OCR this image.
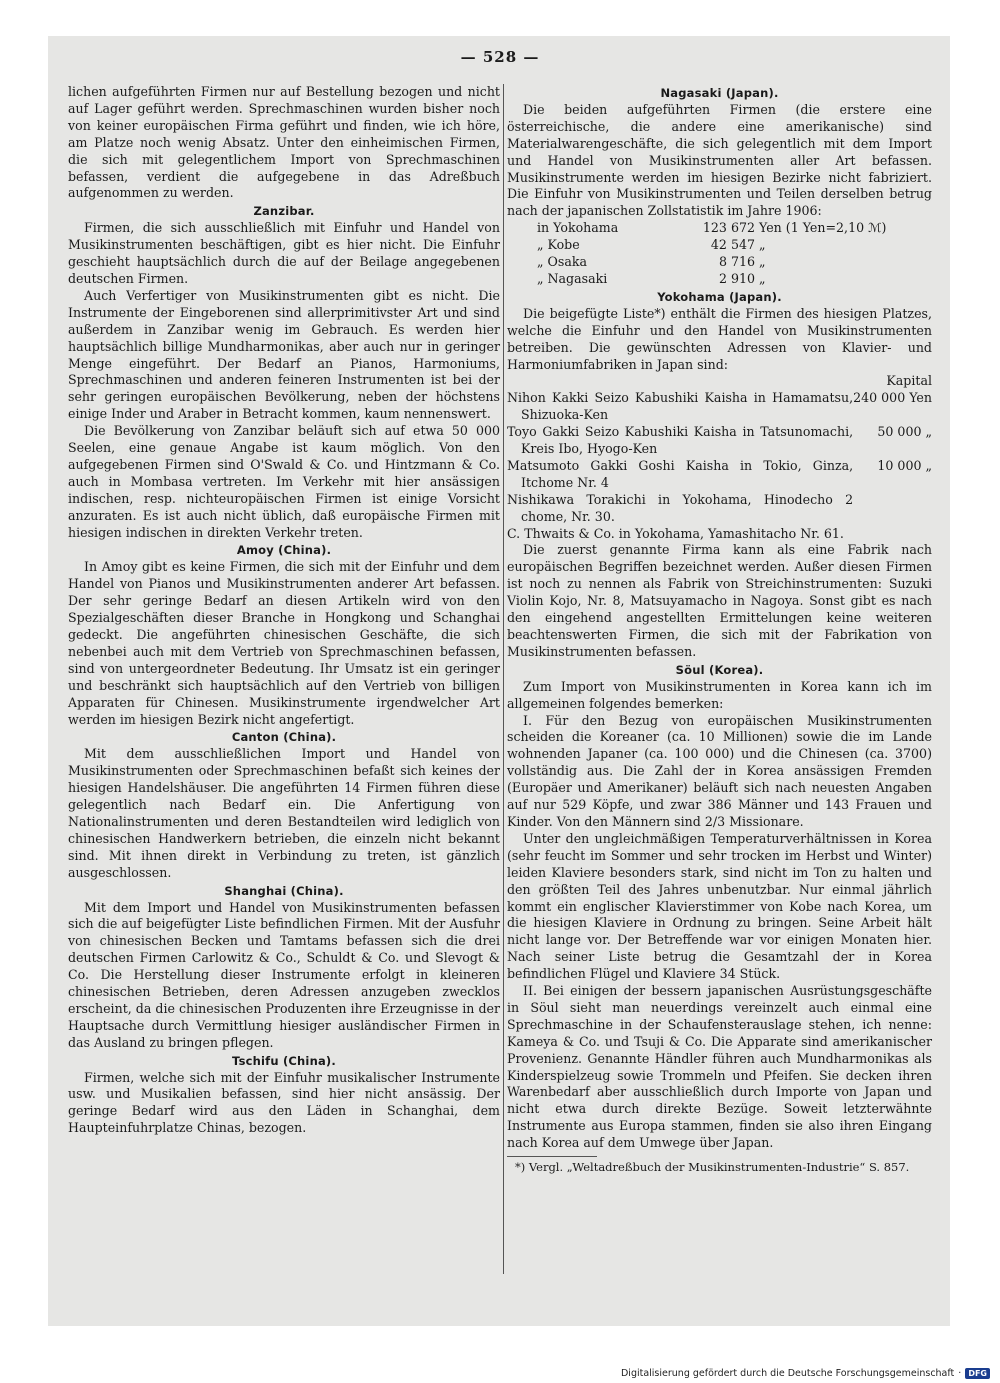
— 528 —

lichen aufgeführten Firmen nur auf Bestellung bezogen und nicht auf Lager geführt werden. Sprechmaschinen wurden bisher noch von keiner europäischen Firma geführt und finden, wie ich höre, am Platze noch wenig Absatz. Unter den einheimischen Firmen, die sich mit gelegentlichem Import von Sprechmaschinen befassen, verdient die aufgegebene in das Adreßbuch aufgenommen zu werden.

Zanzibar.

Firmen, die sich ausschließlich mit Einfuhr und Handel von Musikinstrumenten beschäftigen, gibt es hier nicht. Die Einfuhr geschieht hauptsächlich durch die auf der Beilage angegebenen deutschen Firmen.

Auch Verfertiger von Musikinstrumenten gibt es nicht. Die Instrumente der Eingeborenen sind allerprimitivster Art und sind außerdem in Zanzibar wenig im Gebrauch. Es werden hier hauptsächlich billige Mundharmonikas, aber auch nur in geringer Menge eingeführt. Der Bedarf an Pianos, Harmoniums, Sprechmaschinen und anderen feineren Instrumenten ist bei der sehr geringen europäischen Bevölkerung, neben der höchstens einige Inder und Araber in Betracht kommen, kaum nennenswert.

Die Bevölkerung von Zanzibar beläuft sich auf etwa 50 000 Seelen, eine genaue Angabe ist kaum möglich. Von den aufgegebenen Firmen sind O'Swald & Co. und Hintzmann & Co. auch in Mombasa vertreten. Im Verkehr mit hier ansässigen indischen, resp. nichteuropäischen Firmen ist einige Vorsicht anzuraten. Es ist auch nicht üblich, daß europäische Firmen mit hiesigen indischen in direkten Verkehr treten.

Amoy (China).

In Amoy gibt es keine Firmen, die sich mit der Einfuhr und dem Handel von Pianos und Musikinstrumenten anderer Art befassen. Der sehr geringe Bedarf an diesen Artikeln wird von den Spezialgeschäften dieser Branche in Hongkong und Schanghai gedeckt. Die angeführten chinesischen Geschäfte, die sich nebenbei auch mit dem Vertrieb von Sprechmaschinen befassen, sind von untergeordneter Bedeutung. Ihr Umsatz ist ein geringer und beschränkt sich hauptsächlich auf den Vertrieb von billigen Apparaten für Chinesen. Musikinstrumente irgendwelcher Art werden im hiesigen Bezirk nicht angefertigt.

Canton (China).

Mit dem ausschließlichen Import und Handel von Musikinstrumenten oder Sprechmaschinen befaßt sich keines der hiesigen Handelshäuser. Die angeführten 14 Firmen führen diese gelegentlich nach Bedarf ein. Die Anfertigung von Nationalinstrumenten und deren Bestandteilen wird lediglich von chinesischen Handwerkern betrieben, die einzeln nicht bekannt sind. Mit ihnen direkt in Verbindung zu treten, ist gänzlich ausgeschlossen.

Shanghai (China).

Mit dem Import und Handel von Musikinstrumenten befassen sich die auf beigefügter Liste befindlichen Firmen. Mit der Ausfuhr von chinesischen Becken und Tamtams befassen sich die drei deutschen Firmen Carlowitz & Co., Schuldt & Co. und Slevogt & Co. Die Herstellung dieser Instrumente erfolgt in kleineren chinesischen Betrieben, deren Adressen anzugeben zwecklos erscheint, da die chinesischen Produzenten ihre Erzeugnisse in der Hauptsache durch Vermittlung hiesiger ausländischer Firmen in das Ausland zu bringen pflegen.

Tschifu (China).

Firmen, welche sich mit der Einfuhr musikalischer Instrumente usw. und Musikalien befassen, sind hier nicht ansässig. Der geringe Bedarf wird aus den Läden in Schanghai, dem Haupteinfuhrplatze Chinas, bezogen.

Nagasaki (Japan).

Die beiden aufgeführten Firmen (die erstere eine österreichische, die andere eine amerikanische) sind Materialwarengeschäfte, die sich gelegentlich mit dem Import und Handel von Musikinstrumenten aller Art befassen. Musikinstrumente werden im hiesigen Bezirke nicht fabriziert. Die Einfuhr von Musikinstrumenten und Teilen derselben betrug nach der japanischen Zollstatistik im Jahre 1906:

in Yokohama	123 672	Yen (1 Yen=2,10 ℳ)
„ Kobe	42 547	„
„ Osaka	8 716	„
„ Nagasaki	2 910	„
Yokohama (Japan).

Die beigefügte Liste*) enthält die Firmen des hiesigen Platzes, welche die Einfuhr und den Handel von Musikinstrumenten betreiben. Die gewünschten Adressen von Klavier- und Harmoniumfabriken in Japan sind:

	Kapital
Nihon Kakki Seizo Kabushiki Kaisha in Hamamatsu, Shizuoka-Ken	240 000 Yen
Toyo Gakki Seizo Kabushiki Kaisha in Tatsunomachi, Kreis Ibo, Hyogo-Ken	50 000 „
Matsumoto Gakki Goshi Kaisha in Tokio, Ginza, Itchome Nr. 4	10 000 „
Nishikawa Torakichi in Yokohama, Hinodecho 2 chome, Nr. 30.	
C. Thwaits & Co. in Yokohama, Yamashitacho Nr. 61.	

Die zuerst genannte Firma kann als eine Fabrik nach europäischen Begriffen bezeichnet werden. Außer diesen Firmen ist noch zu nennen als Fabrik von Streichinstrumenten: Suzuki Violin Kojo, Nr. 8, Matsuyamacho in Nagoya. Sonst gibt es nach den eingehend angestellten Ermittelungen keine weiteren beachtenswerten Firmen, die sich mit der Fabrikation von Musikinstrumenten befassen.

Söul (Korea).

Zum Import von Musikinstrumenten in Korea kann ich im allgemeinen folgendes bemerken:

I. Für den Bezug von europäischen Musikinstrumenten scheiden die Koreaner (ca. 10 Millionen) sowie die im Lande wohnenden Japaner (ca. 100 000) und die Chinesen (ca. 3700) vollständig aus. Die Zahl der in Korea ansässigen Fremden (Europäer und Amerikaner) beläuft sich nach neuesten Angaben auf nur 529 Köpfe, und zwar 386 Männer und 143 Frauen und Kinder. Von den Männern sind 2/3 Missionare.

Unter den ungleichmäßigen Temperaturverhältnissen in Korea (sehr feucht im Sommer und sehr trocken im Herbst und Winter) leiden Klaviere besonders stark, sind nicht im Ton zu halten und den größten Teil des Jahres unbenutzbar. Nur einmal jährlich kommt ein englischer Klavierstimmer von Kobe nach Korea, um die hiesigen Klaviere in Ordnung zu bringen. Seine Arbeit hält nicht lange vor. Der Betreffende war vor einigen Monaten hier. Nach seiner Liste betrug die Gesamtzahl der in Korea befindlichen Flügel und Klaviere 34 Stück.

II. Bei einigen der bessern japanischen Ausrüstungsgeschäfte in Söul sieht man neuerdings vereinzelt auch einmal eine Sprechmaschine in der Schaufensterauslage stehen, ich nenne: Kameya & Co. und Tsuji & Co. Die Apparate sind amerikanischer Provenienz. Genannte Händler führen auch Mundharmonikas als Kinderspielzeug sowie Trommeln und Pfeifen. Sie decken ihren Warenbedarf aber ausschließlich durch Importe von Japan und nicht etwa durch direkte Bezüge. Soweit letzterwähnte Instrumente aus Europa stammen, finden sie also ihren Eingang nach Korea auf dem Umwege über Japan.

*) Vergl. „Weltadreßbuch der Musikinstrumenten-Industrie“ S. 857.
Digitalisierung gefördert durch die Deutsche Forschungsgemeinschaft · DFG
